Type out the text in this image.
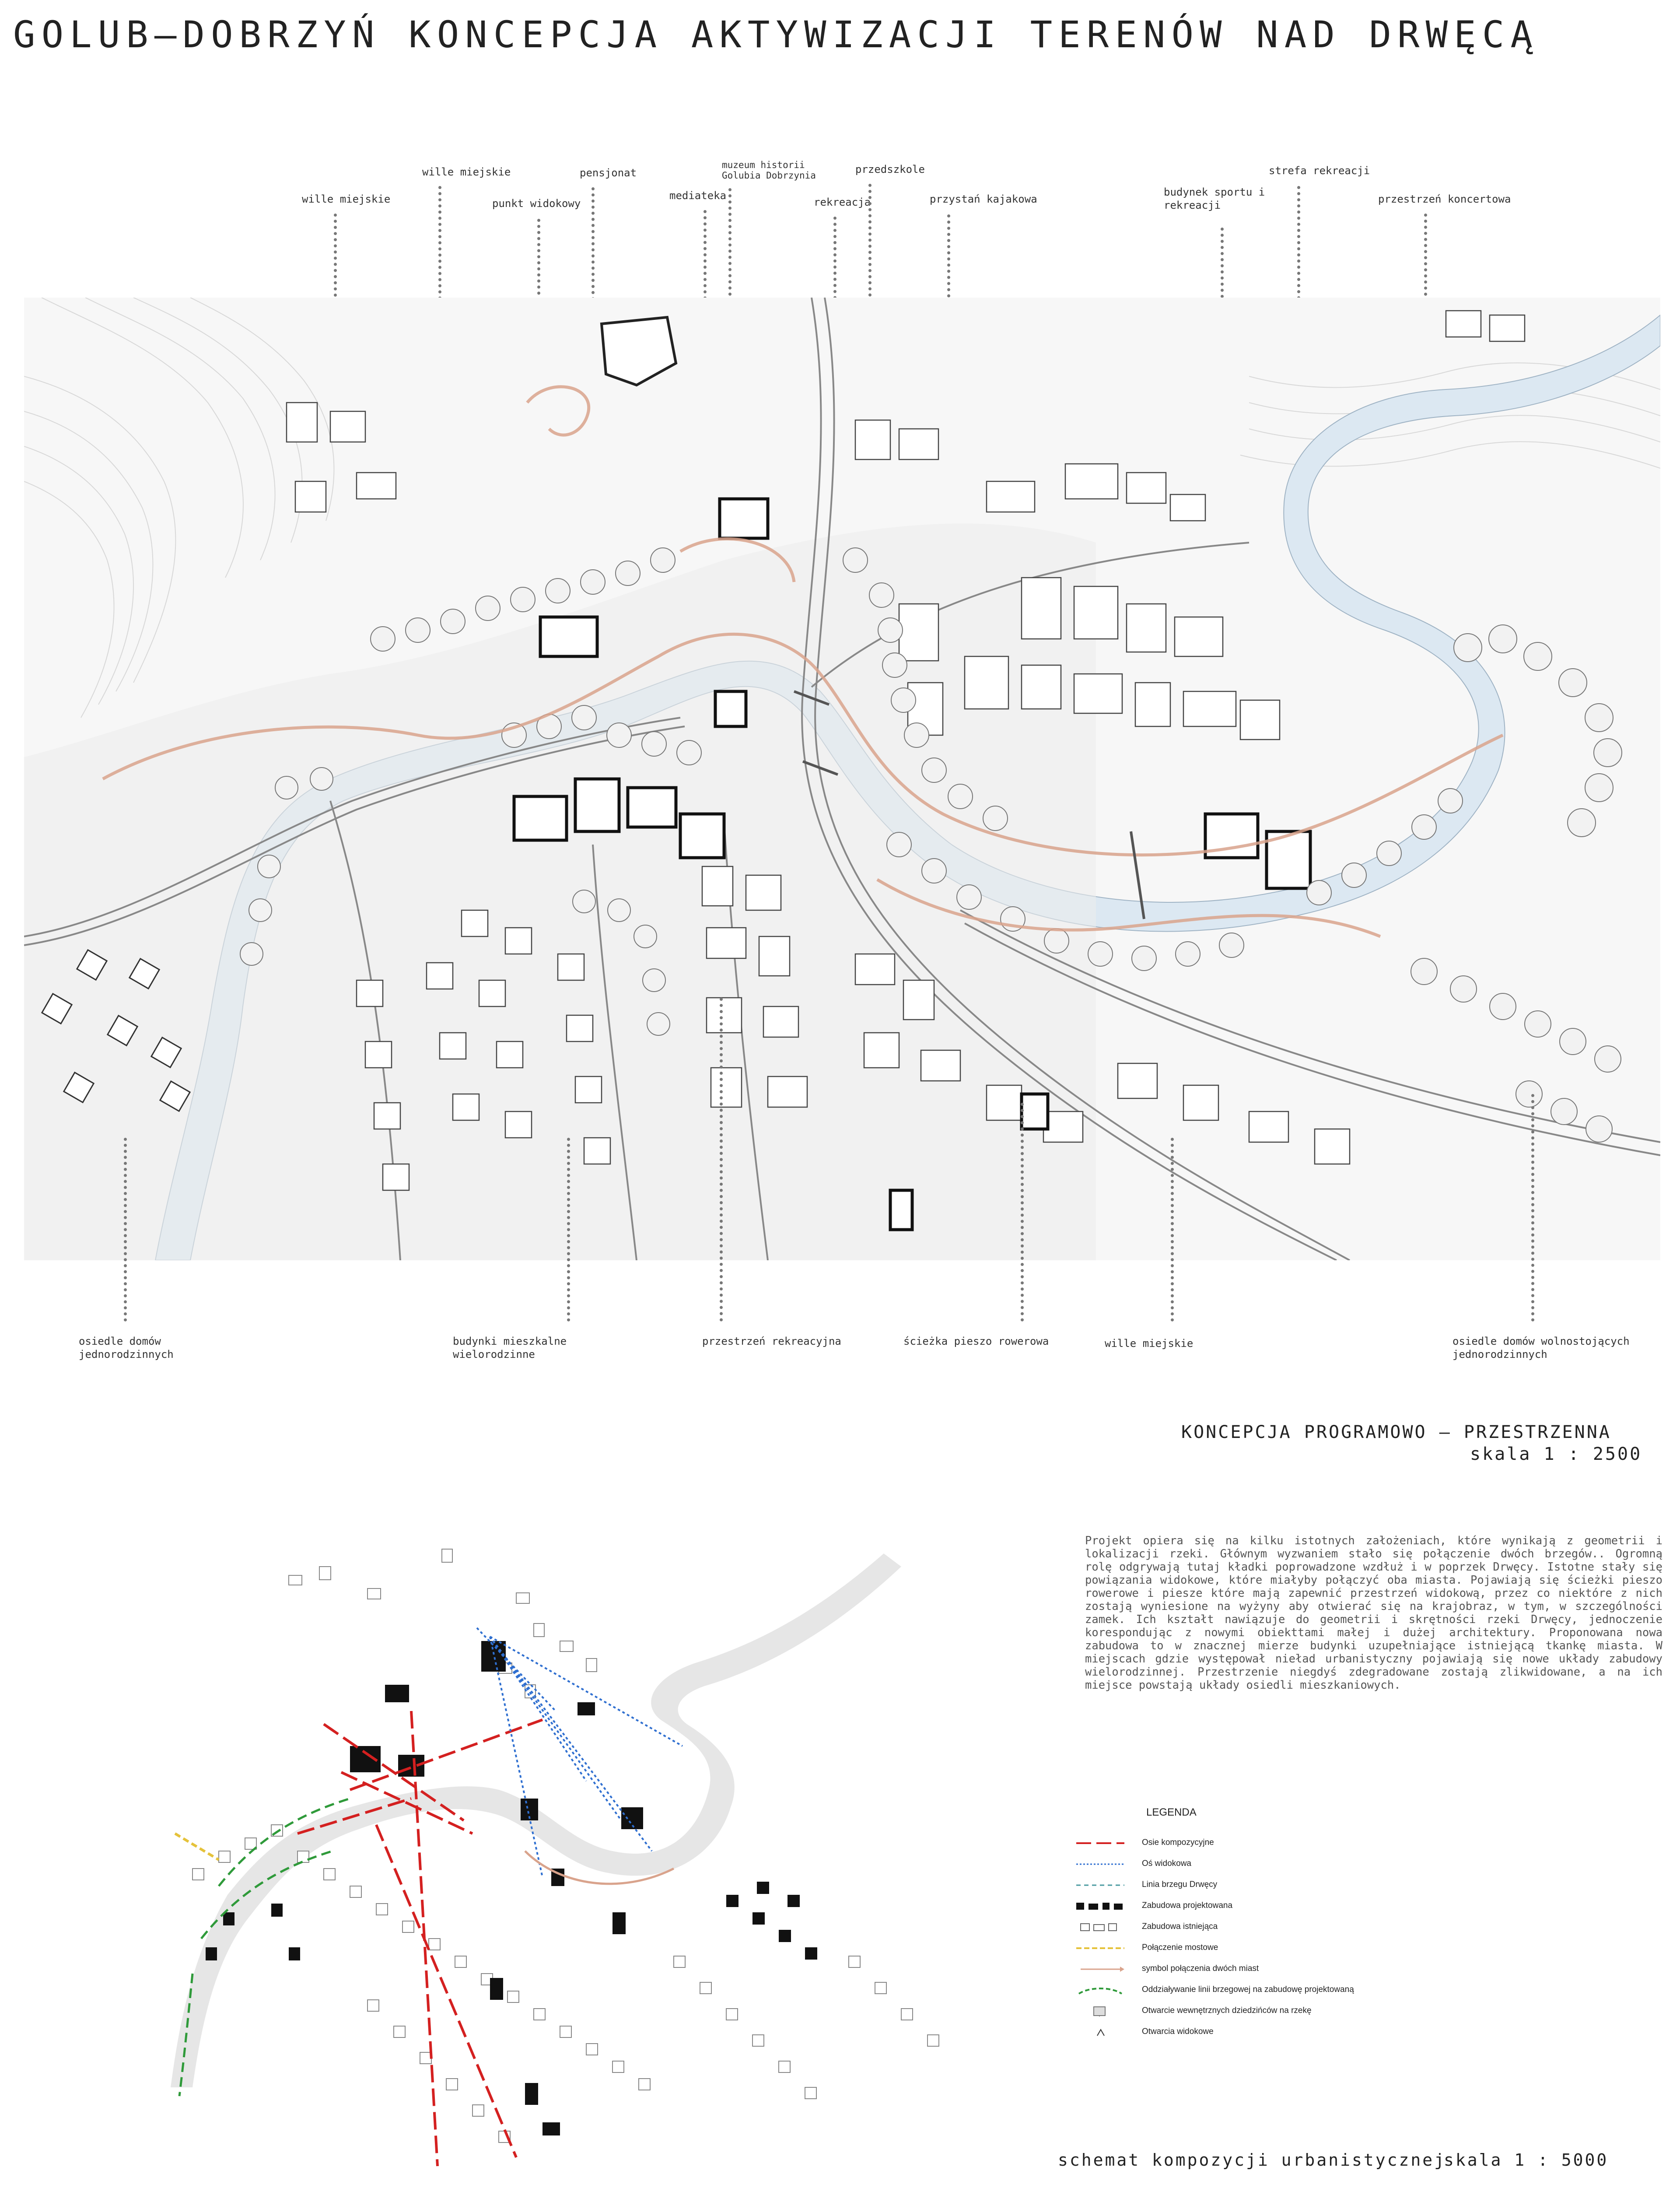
GOLUB–DOBRZYŃ KONCEPCJA AKTYWIZACJI TERENÓW NAD DRWĘCĄ
wille miejskie
wille miejskie
punkt widokowy
pensjonat
mediateka
muzeum historii
Golubia Dobrzynia
rekreacja
przedszkole
przystań kajakowa
budynek sportu i
rekreacji
strefa rekreacji
przestrzeń koncertowa
osiedle domów
jednorodzinnych
budynki mieszkalne
wielorodzinne
przestrzeń rekreacyjna	ścieżka pieszo rowerowa	wille miejskie	osiedle domów wolnostojących
jednorodzinnych
KONCEPCJA PROGRAMOWO – PRZESTRZENNA
skala 1 : 2500

Projekt opiera się na kilku istotnych założeniach, które wynikają z geometrii i lokalizacji rzeki. Głównym wyzwaniem stało się połączenie dwóch brzegów.. Ogromną rolę odgrywają tutaj kładki poprowadzone wzdłuż i w poprzek Drwęcy. Istotne stały się powiązania widokowe, które miałyby połączyć oba miasta. Pojawiają się ścieżki pieszo rowerowe i piesze które mają zapewnić przestrzeń widokową, przez co niektóre z nich zostają wyniesione na wyżyny aby otwierać się na krajobraz, w tym, w szczególności zamek. Ich kształt nawiązuje do geometrii i skrętności rzeki Drwęcy, jednoczenie korespondując z nowymi obiekttami małej i dużej architektury. Proponowana nowa zabudowa to w znacznej mierze budynki uzupełniające istniejącą tkankę miasta. W miejscach gdzie występował nieład urbanistyczny pojawiają się nowe układy zabudowy wielorodzinnej. Przestrzenie niegdyś zdegradowane zostają zlikwidowane, a na ich miejsce powstają układy osiedli mieszkaniowych.

LEGENDA
Osie kompozycyjne
Oś widokowa
Linia brzegu Drwęcy
Zabudowa projektowana
Zabudowa istniejąca
Połączenie mostowe
symbol połączenia dwóch miast
Oddziaływanie linii brzegowej na zabudowę projektowaną
Otwarcie wewnętrznych dziedzińców na rzekę
Otwarcia widokowe
schemat kompozycji urbanistycznej
skala 1 : 5000
